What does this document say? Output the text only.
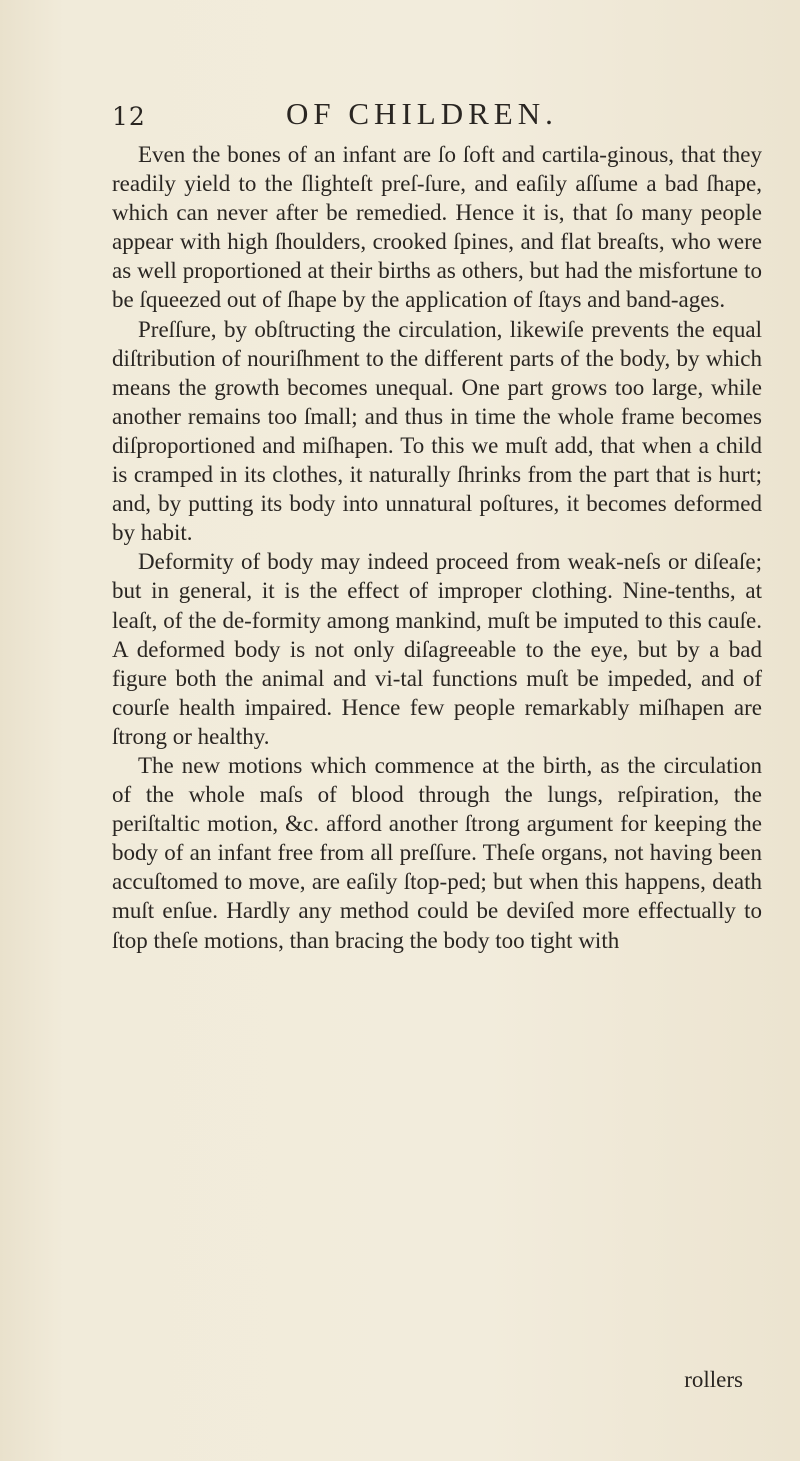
12	OF CHILDREN.

Even the bones of an infant are ſo ſoft and cartila-ginous, that they readily yield to the ſlighteſt preſ-ſure, and eaſily aſſume a bad ſhape, which can never after be remedied. Hence it is, that ſo many people appear with high ſhoulders, crooked ſpines, and flat breaſts, who were as well proportioned at their births as others, but had the misfortune to be ſqueezed out of ſhape by the application of ſtays and band-ages.

Preſſure, by obſtructing the circulation, likewiſe prevents the equal diſtribution of nouriſhment to the different parts of the body, by which means the growth becomes unequal. One part grows too large, while another remains too ſmall; and thus in time the whole frame becomes diſproportioned and miſhapen. To this we muſt add, that when a child is cramped in its clothes, it naturally ſhrinks from the part that is hurt; and, by putting its body into unnatural poſtures, it becomes deformed by habit.

Deformity of body may indeed proceed from weak-neſs or diſeaſe; but in general, it is the effect of improper clothing. Nine-tenths, at leaſt, of the de-formity among mankind, muſt be imputed to this cauſe. A deformed body is not only diſagreeable to the eye, but by a bad figure both the animal and vi-tal functions muſt be impeded, and of courſe health impaired. Hence few people remarkably miſhapen are ſtrong or healthy.

The new motions which commence at the birth, as the circulation of the whole maſs of blood through the lungs, reſpiration, the periſtaltic motion, &c. afford another ſtrong argument for keeping the body of an infant free from all preſſure. Theſe organs, not having been accuſtomed to move, are eaſily ſtop-ped; but when this happens, death muſt enſue. Hardly any method could be deviſed more effectually to ſtop theſe motions, than bracing the body too tight with

rollers
